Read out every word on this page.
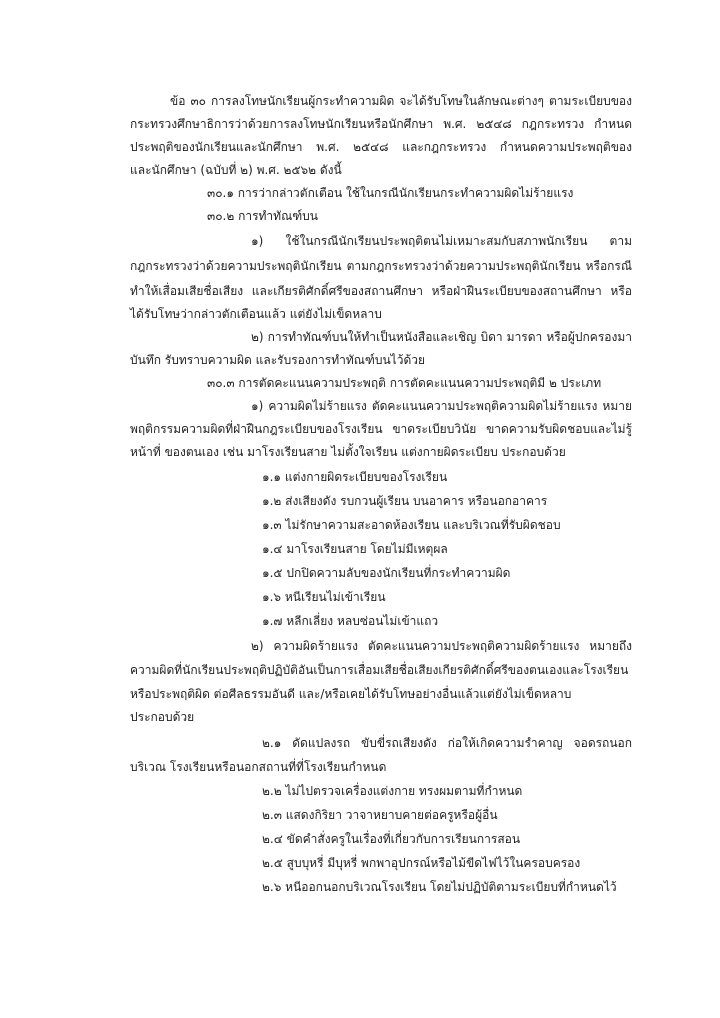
ข้อ ๓๐ การลงโทษนักเรียนผู้กระทำความผิด จะได้รับโทษในลักษณะต่างๆ ตามระเบียบของ
กระทรวงศึกษาธิการว่าด้วยการลงโทษนักเรียนหรือนักศึกษา พ.ศ. ๒๕๔๘ กฎกระทรวง กำหนด
ประพฤติของนักเรียนและนักศึกษา พ.ศ. ๒๕๔๘ และกฎกระทรวง กำหนดความประพฤติของ
และนักศึกษา (ฉบับที่ ๒) พ.ศ. ๒๕๖๒ ดังนี้
๓๐.๑ การว่ากล่าวตักเตือน ใช้ในกรณีนักเรียนกระทำความผิดไม่ร้ายแรง
๓๐.๒ การทำทัณฑ์บน
๑) ใช้ในกรณีนักเรียนประพฤติตนไม่เหมาะสมกับสภาพนักเรียน ตาม
กฎกระทรวงว่าด้วยความประพฤตินักเรียน ตามกฎกระทรวงว่าด้วยความประพฤตินักเรียน หรือกรณี
ทำให้เสื่อมเสียชื่อเสียง และเกียรติศักดิ์ศรีของสถานศึกษา หรือฝ่าฝืนระเบียบของสถานศึกษา หรือ
ได้รับโทษว่ากล่าวตักเตือนแล้ว แต่ยังไม่เข็ดหลาบ
๒) การทำทัณฑ์บนให้ทำเป็นหนังสือและเชิญ บิดา มารดา หรือผู้ปกครองมา
บันทึก รับทราบความผิด และรับรองการทำทัณฑ์บนไว้ด้วย
๓๐.๓ การตัดคะแนนความประพฤติ การตัดคะแนนความประพฤติมี ๒ ประเภท
๑) ความผิดไม่ร้ายแรง ตัดคะแนนความประพฤติความผิดไม่ร้ายแรง หมาย
พฤติกรรมความผิดที่ฝ่าฝืนกฎระเบียบของโรงเรียน ขาดระเบียบวินัย ขาดความรับผิดชอบและไม่รู้
หน้าที่ ของตนเอง เช่น มาโรงเรียนสาย ไม่ตั้งใจเรียน แต่งกายผิดระเบียบ ประกอบด้วย
๑.๑ แต่งกายผิดระเบียบของโรงเรียน
๑.๒ ส่งเสียงดัง รบกวนผู้เรียน บนอาคาร หรือนอกอาคาร
๑.๓ ไม่รักษาความสะอาดห้องเรียน และบริเวณที่รับผิดชอบ
๑.๔ มาโรงเรียนสาย โดยไม่มีเหตุผล
๑.๕ ปกปิดความลับของนักเรียนที่กระทำความผิด
๑.๖ หนีเรียนไม่เข้าเรียน
๑.๗ หลีกเลี่ยง หลบซ่อนไม่เข้าแถว
๒) ความผิดร้ายแรง ตัดคะแนนความประพฤติความผิดร้ายแรง หมายถึง
ความผิดที่นักเรียนประพฤติปฏิบัติอันเป็นการเสื่อมเสียชื่อเสียงเกียรติศักดิ์ศรีของตนเองและโรงเรียน
หรือประพฤติผิด ต่อศีลธรรมอันดี และ/หรือเคยได้รับโทษอย่างอื่นแล้วแต่ยังไม่เข็ดหลาบ
ประกอบด้วย
๒.๑ ดัดแปลงรถ ขับขี่รถเสียงดัง ก่อให้เกิดความรำคาญ จอดรถนอก
บริเวณ โรงเรียนหรือนอกสถานที่ที่โรงเรียนกำหนด
๒.๒ ไม่ไปตรวจเครื่องแต่งกาย ทรงผมตามที่กำหนด
๒.๓ แสดงกิริยา วาจาหยาบคายต่อครูหรือผู้อื่น
๒.๔ ขัดคำสั่งครูในเรื่องที่เกี่ยวกับการเรียนการสอน
๒.๕ สูบบุหรี่ มีบุหรี่ พกพาอุปกรณ์หรือไม้ขีดไฟไว้ในครอบครอง
๒.๖ หนีออกนอกบริเวณโรงเรียน โดยไม่ปฏิบัติตามระเบียบที่กำหนดไว้
